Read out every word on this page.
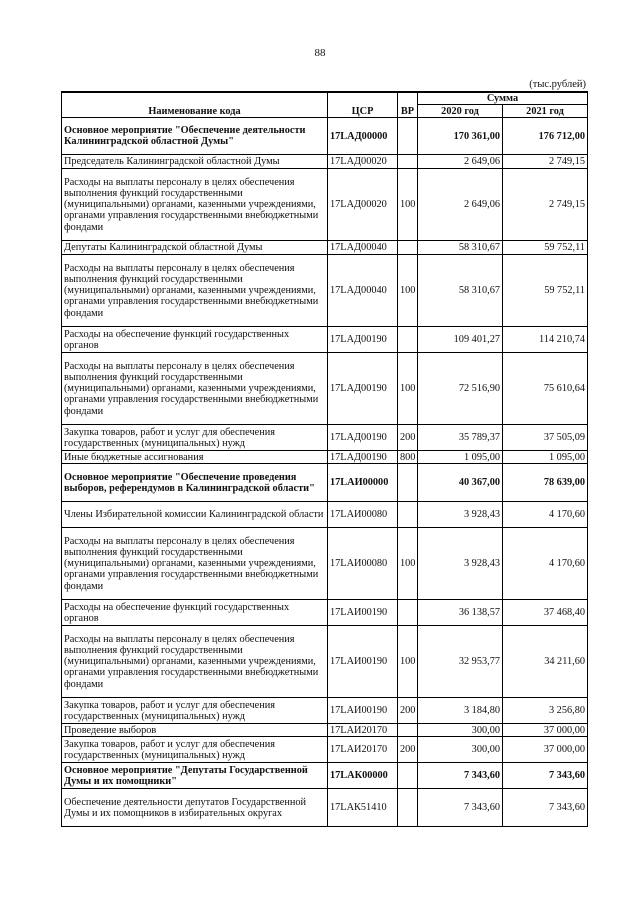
88
(тыс.рублей)
Наименование кода	ЦСР	ВР	Сумма	
			2020 год	2021 год
Основное мероприятие "Обеспечение деятельности Калининградской областной Думы"	17LАД00000		170 361,00	176 712,00
Председатель Калининградской областной Думы	17LАД00020		2 649,06	2 749,15
Расходы на выплаты персоналу в целях обеспечения выполнения функций государственными (муниципальными) органами, казенными учреждениями, органами управления государственными внебюджетными фондами	17LАД00020	100	2 649,06	2 749,15
Депутаты Калининградской областной Думы	17LАД00040		58 310,67	59 752,11
Расходы на выплаты персоналу в целях обеспечения выполнения функций государственными (муниципальными) органами, казенными учреждениями, органами управления государственными внебюджетными фондами	17LАД00040	100	58 310,67	59 752,11
Расходы на обеспечение функций государственных органов	17LАД00190		109 401,27	114 210,74
Расходы на выплаты персоналу в целях обеспечения выполнения функций государственными (муниципальными) органами, казенными учреждениями, органами управления государственными внебюджетными фондами	17LАД00190	100	72 516,90	75 610,64
Закупка товаров, работ и услуг для обеспечения государственных (муниципальных) нужд	17LАД00190	200	35 789,37	37 505,09
Иные бюджетные ассигнования	17LАД00190	800	1 095,00	1 095,00
Основное мероприятие "Обеспечение проведения выборов, референдумов в Калининградской области"	17LАИ00000		40 367,00	78 639,00
Члены Избирательной комиссии Калининградской области	17LАИ00080		3 928,43	4 170,60
Расходы на выплаты персоналу в целях обеспечения выполнения функций государственными (муниципальными) органами, казенными учреждениями, органами управления государственными внебюджетными фондами	17LАИ00080	100	3 928,43	4 170,60
Расходы на обеспечение функций государственных органов	17LАИ00190		36 138,57	37 468,40
Расходы на выплаты персоналу в целях обеспечения выполнения функций государственными (муниципальными) органами, казенными учреждениями, органами управления государственными внебюджетными фондами	17LАИ00190	100	32 953,77	34 211,60
Закупка товаров, работ и услуг для обеспечения государственных (муниципальных) нужд	17LАИ00190	200	3 184,80	3 256,80
Проведение выборов	17LАИ20170		300,00	37 000,00
Закупка товаров, работ и услуг для обеспечения государственных (муниципальных) нужд	17LАИ20170	200	300,00	37 000,00
Основное мероприятие "Депутаты Государственной Думы и их помощники"	17LАК00000		7 343,60	7 343,60
Обеспечение деятельности депутатов Государственной Думы и их помощников в избирательных округах	17LАК51410		7 343,60	7 343,60
